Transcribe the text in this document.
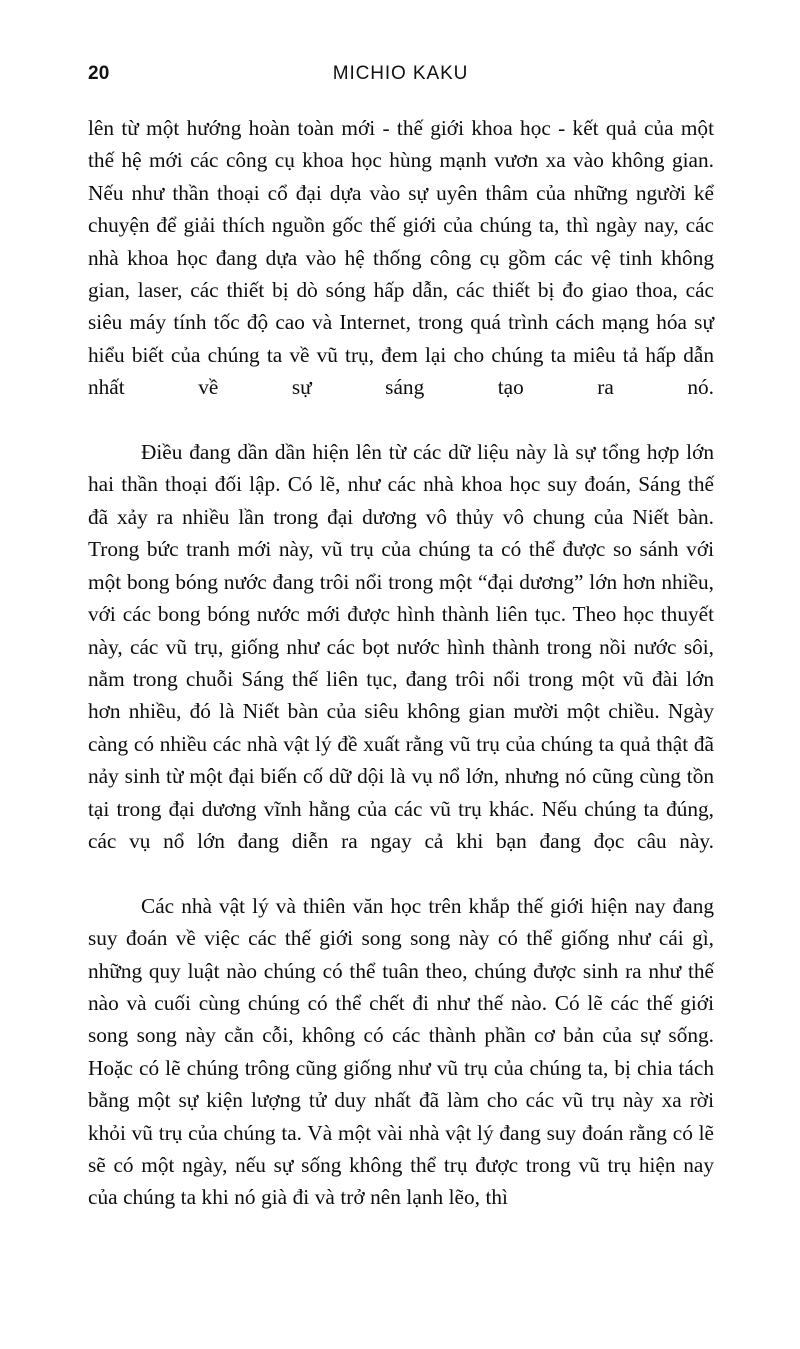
20	MICHIO KAKU

lên từ một hướng hoàn toàn mới - thế giới khoa học - kết quả của một thế hệ mới các công cụ khoa học hùng mạnh vươn xa vào không gian. Nếu như thần thoại cổ đại dựa vào sự uyên thâm của những người kể chuyện để giải thích nguồn gốc thế giới của chúng ta, thì ngày nay, các nhà khoa học đang dựa vào hệ thống công cụ gồm các vệ tinh không gian, laser, các thiết bị dò sóng hấp dẫn, các thiết bị đo giao thoa, các siêu máy tính tốc độ cao và Internet, trong quá trình cách mạng hóa sự hiểu biết của chúng ta về vũ trụ, đem lại cho chúng ta miêu tả hấp dẫn nhất về sự sáng tạo ra nó.

Điều đang dần dần hiện lên từ các dữ liệu này là sự tổng hợp lớn hai thần thoại đối lập. Có lẽ, như các nhà khoa học suy đoán, Sáng thế đã xảy ra nhiều lần trong đại dương vô thủy vô chung của Niết bàn. Trong bức tranh mới này, vũ trụ của chúng ta có thể được so sánh với một bong bóng nước đang trôi nổi trong một “đại dương” lớn hơn nhiều, với các bong bóng nước mới được hình thành liên tục. Theo học thuyết này, các vũ trụ, giống như các bọt nước hình thành trong nồi nước sôi, nằm trong chuỗi Sáng thế liên tục, đang trôi nổi trong một vũ đài lớn hơn nhiều, đó là Niết bàn của siêu không gian mười một chiều. Ngày càng có nhiều các nhà vật lý đề xuất rằng vũ trụ của chúng ta quả thật đã nảy sinh từ một đại biến cố dữ dội là vụ nổ lớn, nhưng nó cũng cùng tồn tại trong đại dương vĩnh hằng của các vũ trụ khác. Nếu chúng ta đúng, các vụ nổ lớn đang diễn ra ngay cả khi bạn đang đọc câu này.

Các nhà vật lý và thiên văn học trên khắp thế giới hiện nay đang suy đoán về việc các thế giới song song này có thể giống như cái gì, những quy luật nào chúng có thể tuân theo, chúng được sinh ra như thế nào và cuối cùng chúng có thể chết đi như thế nào. Có lẽ các thế giới song song này cằn cỗi, không có các thành phần cơ bản của sự sống. Hoặc có lẽ chúng trông cũng giống như vũ trụ của chúng ta, bị chia tách bằng một sự kiện lượng tử duy nhất đã làm cho các vũ trụ này xa rời khỏi vũ trụ của chúng ta. Và một vài nhà vật lý đang suy đoán rằng có lẽ sẽ có một ngày, nếu sự sống không thể trụ được trong vũ trụ hiện nay của chúng ta khi nó già đi và trở nên lạnh lẽo, thì
